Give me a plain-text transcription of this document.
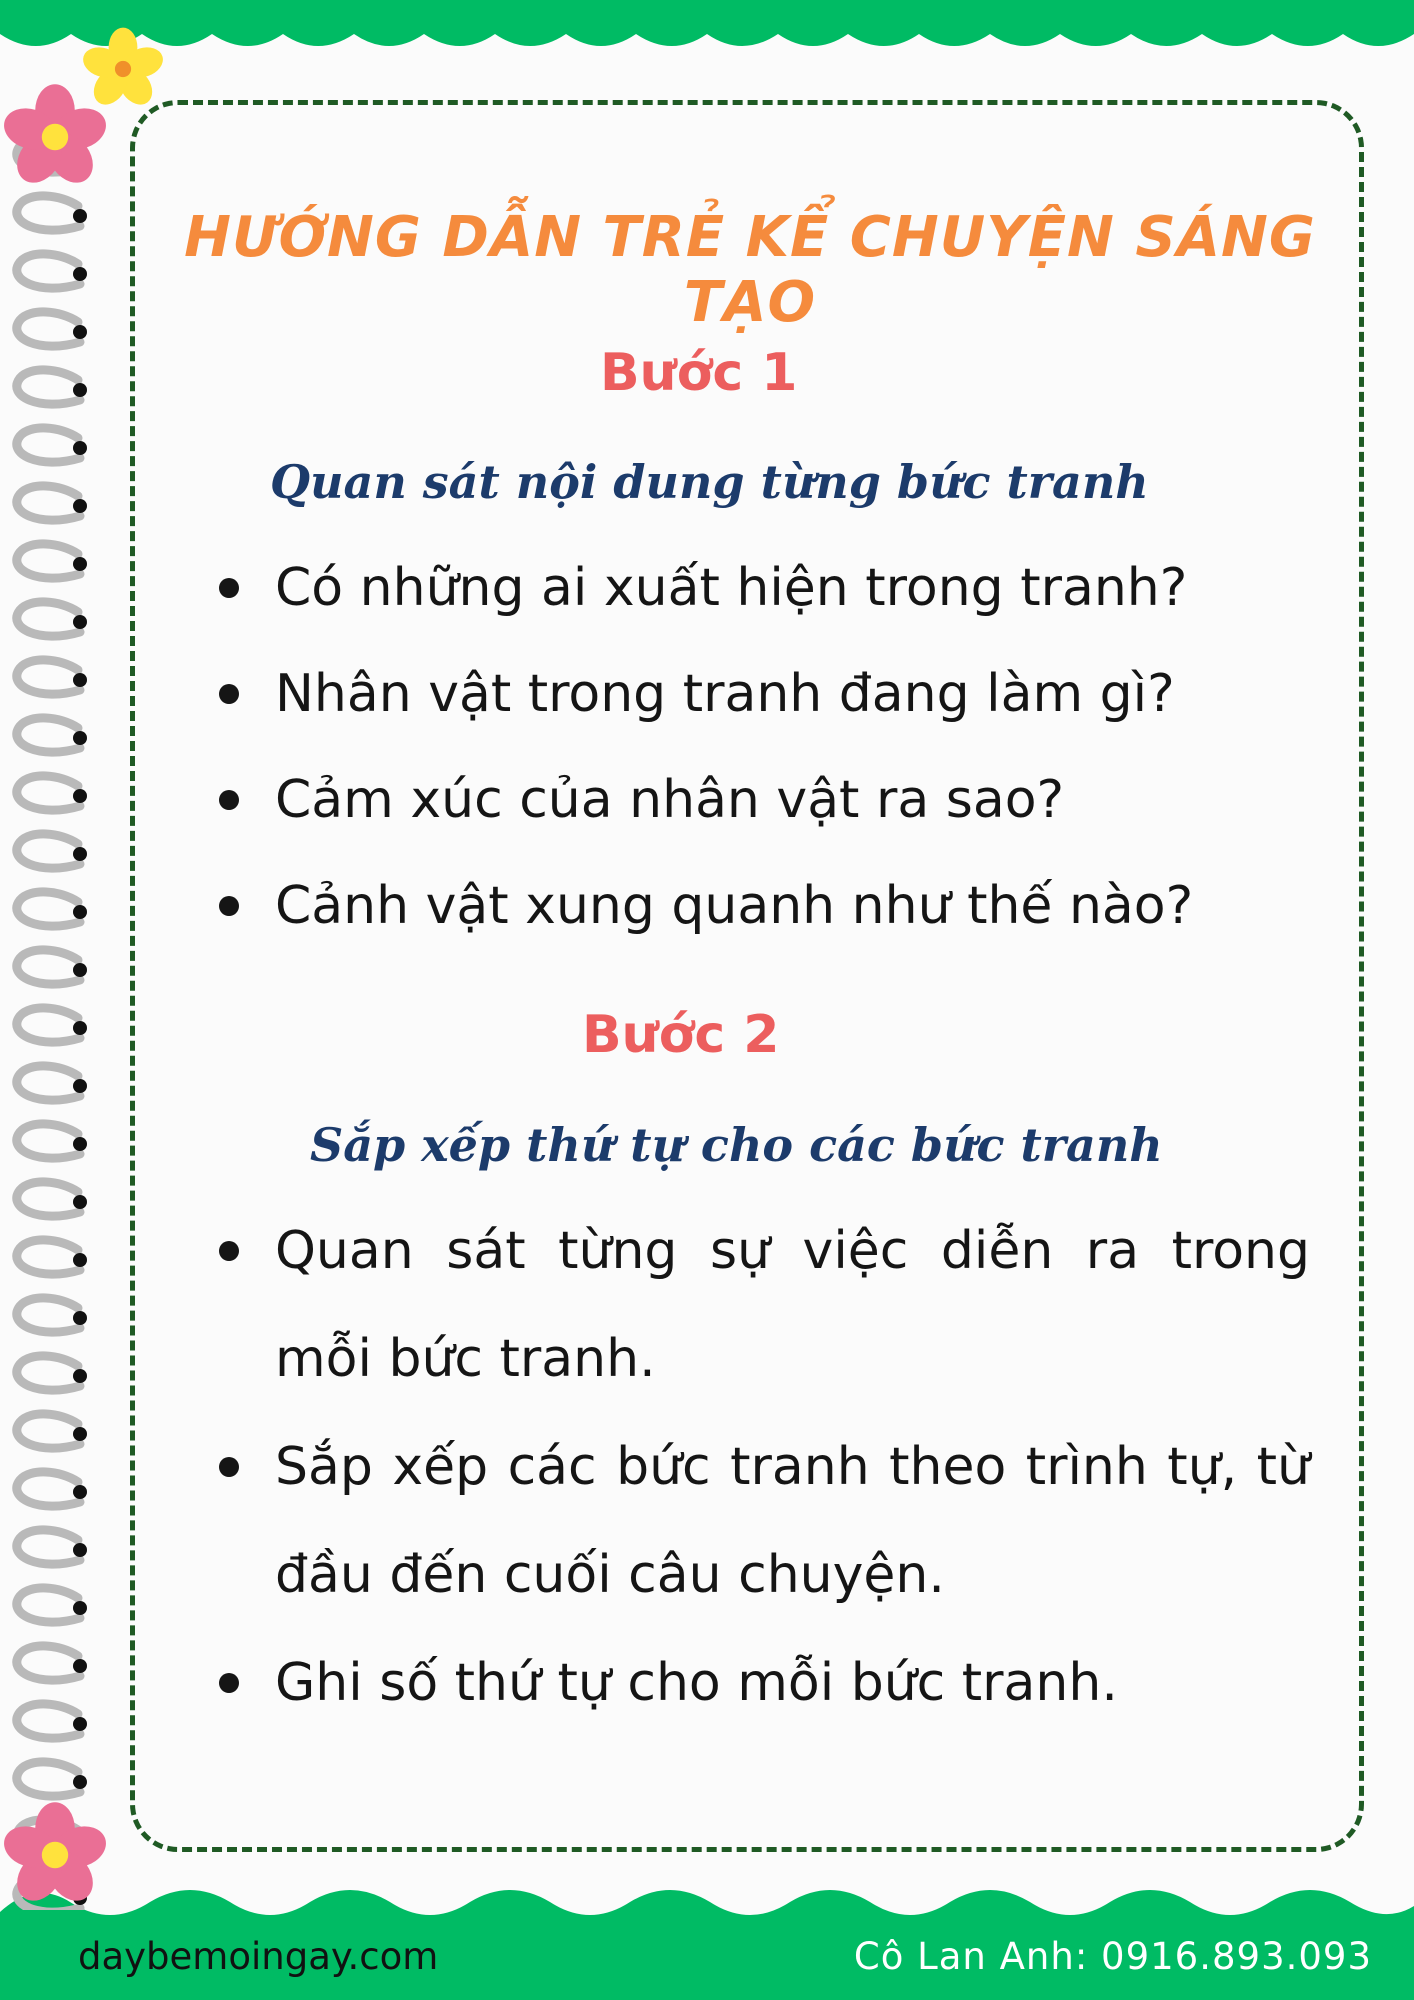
HƯỚNG DẪN TRẺ KỂ CHUYỆN SÁNG TẠO
Bước 1
Quan sát nội dung từng bức tranh
Có những ai xuất hiện trong tranh?
Nhân vật trong tranh đang làm gì?
Cảm xúc của nhân vật ra sao?
Cảnh vật xung quanh như thế nào?
Bước 2
Sắp xếp thứ tự cho các bức tranh
Quan sát từng sự việc diễn ra trong mỗi bức tranh.
Sắp xếp các bức tranh theo trình tự, từ đầu đến cuối câu chuyện.
Ghi số thứ tự cho mỗi bức tranh.

daybemoingay.com	Cô Lan Anh: 0916.893.093
